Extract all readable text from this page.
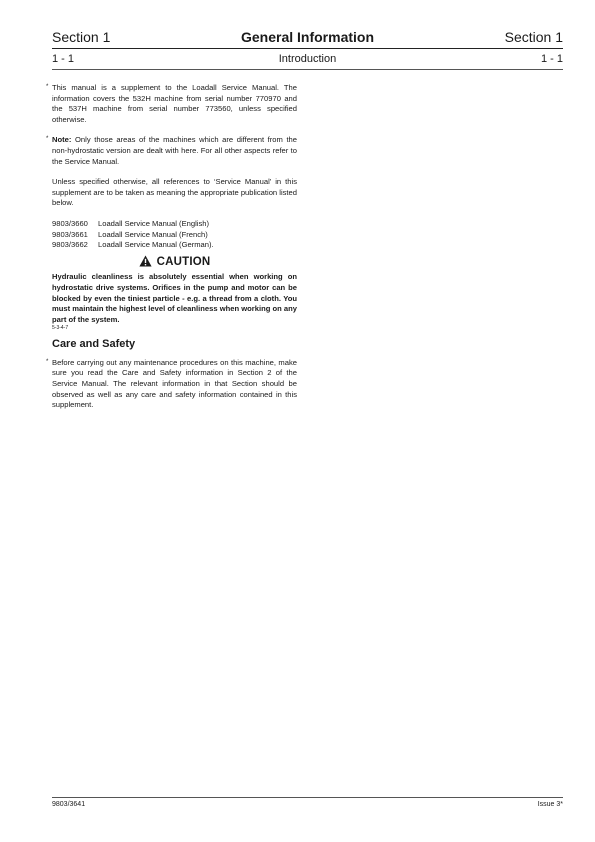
Section 1	General Information	Section 1
1 - 1	Introduction	1 - 1

* This manual is a supplement to the Loadall Service Manual. The information covers the 532H machine from serial number 770970 and the 537H machine from serial number 773560, unless specified otherwise.

* Note: Only those areas of the machines which are different from the non-hydrostatic version are dealt with here. For all other aspects refer to the Service Manual.

Unless specified otherwise, all references to ‘Service Manual’ in this supplement are to be taken as meaning the appropriate publication listed below.

9803/3660	Loadall Service Manual (English)
9803/3661	Loadall Service Manual (French)
9803/3662	Loadall Service Manual (German).
CAUTION
Hydraulic cleanliness is absolutely essential when working on hydrostatic drive systems. Orifices in the pump and motor can be blocked by even the tiniest particle - e.g. a thread from a cloth. You must maintain the highest level of cleanliness when working on any part of the system.
5-3-4-7
Care and Safety

* Before carrying out any maintenance procedures on this machine, make sure you read the Care and Safety information in Section 2 of the Service Manual. The relevant information in that Section should be observed as well as any care and safety information contained in this supplement.

9803/3641	Issue 3*
